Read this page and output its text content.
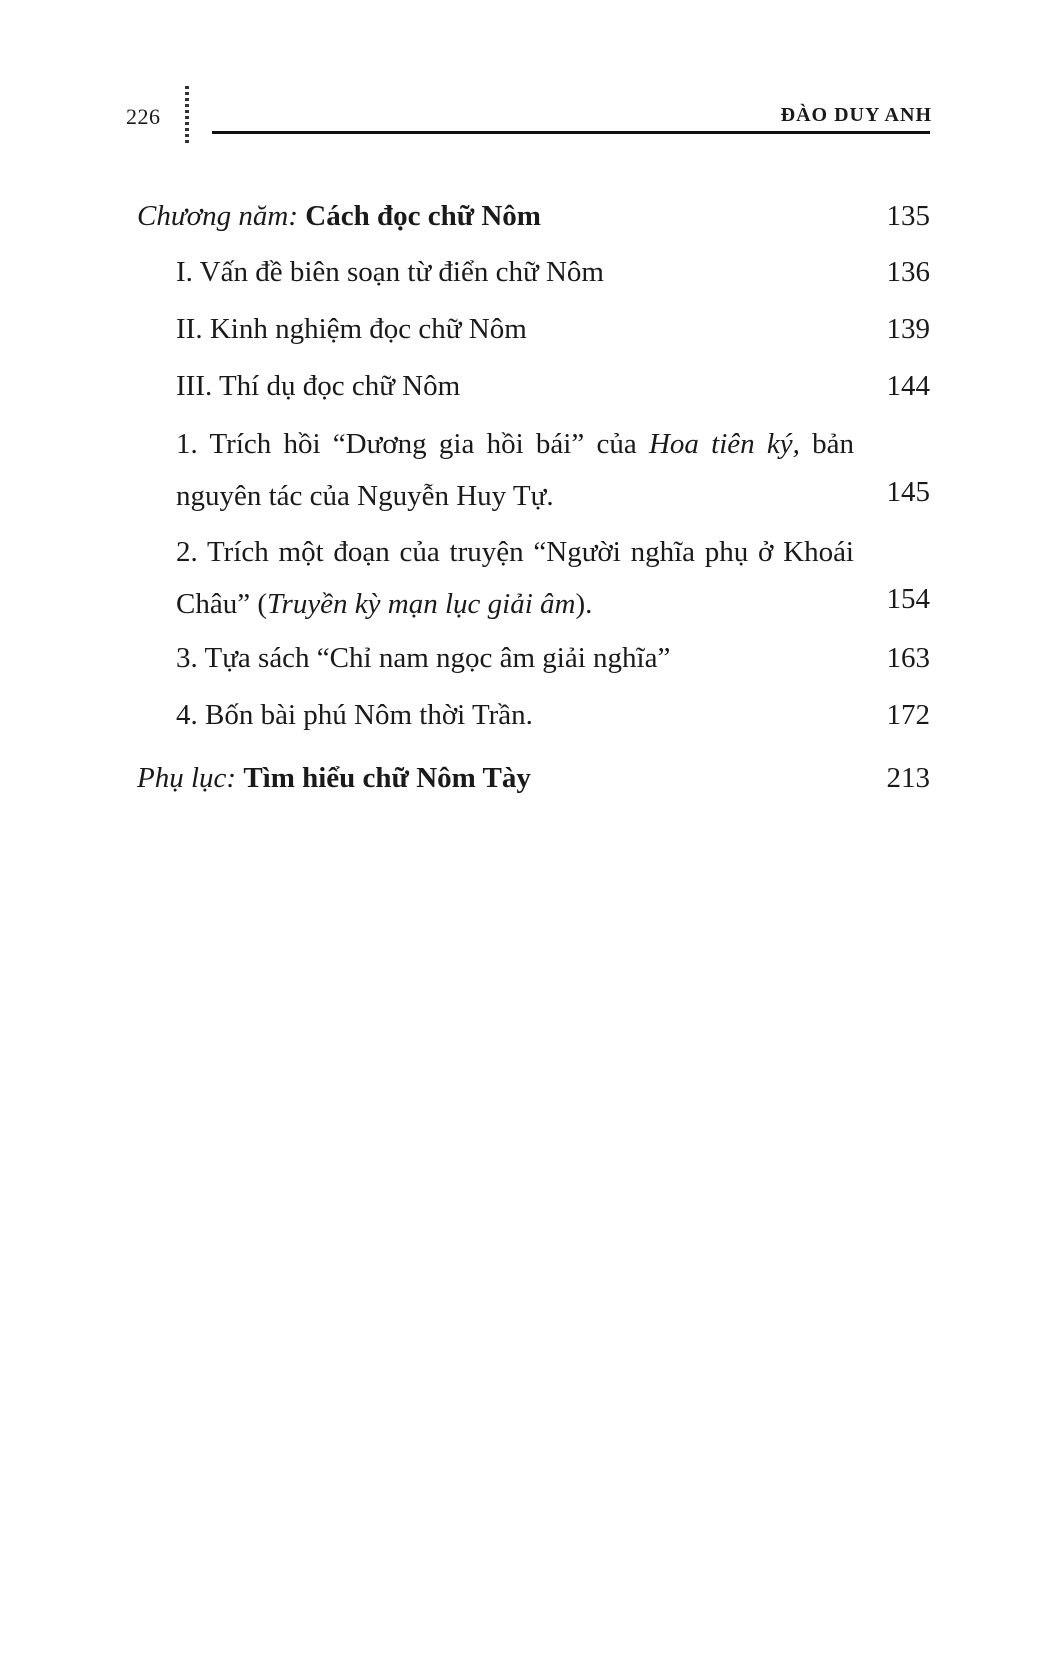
226	ĐÀO DUY ANH
Chương năm: Cách đọc chữ Nôm	135
I. Vấn đề biên soạn từ điển chữ Nôm	136
II. Kinh nghiệm đọc chữ Nôm	139
III. Thí dụ đọc chữ Nôm	144
1. Trích hồi “Dương gia hồi bái” của Hoa tiên ký, bản nguyên tác của Nguyễn Huy Tự.	145
2. Trích một đoạn của truyện “Người nghĩa phụ ở Khoái Châu” (Truyền kỳ mạn lục giải âm).	154
3. Tựa sách “Chỉ nam ngọc âm giải nghĩa”	163
4. Bốn bài phú Nôm thời Trần.	172
Phụ lục: Tìm hiểu chữ Nôm Tày	213
